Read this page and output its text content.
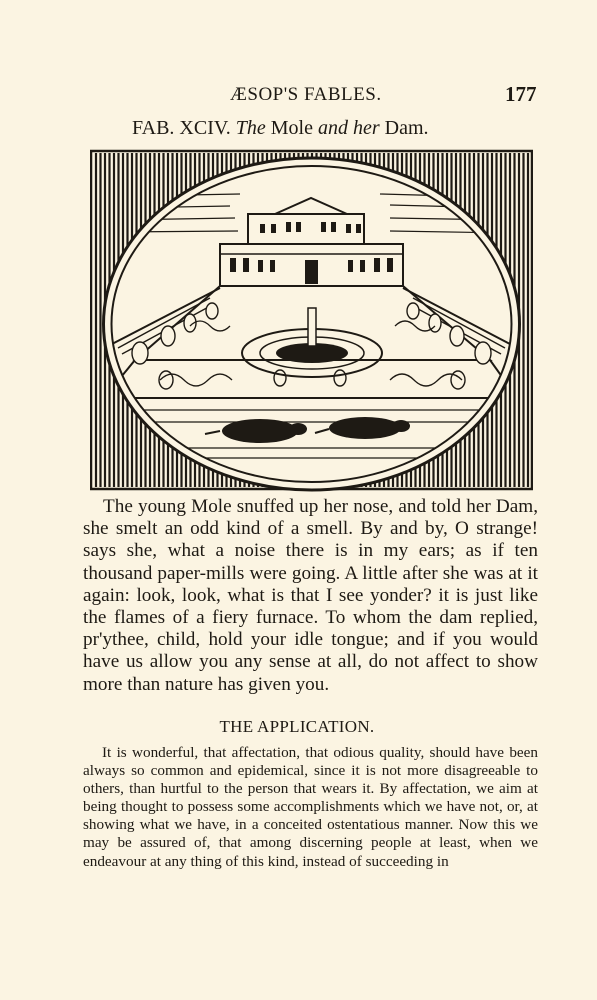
ÆSOP'S FABLES.	177
FAB. XCIV. The Mole and her Dam.

The young Mole snuffed up her nose, and told her Dam, she smelt an odd kind of a smell. By and by, O strange! says she, what a noise there is in my ears; as if ten thousand paper-mills were going. A little after she was at it again: look, look, what is that I see yonder? it is just like the flames of a fiery furnace. To whom the dam replied, pr'ythee, child, hold your idle tongue; and if you would have us allow you any sense at all, do not affect to show more than nature has given you.

THE APPLICATION.

It is wonderful, that affectation, that odious quality, should have been always so common and epidemical, since it is not more disagreeable to others, than hurtful to the person that wears it. By affectation, we aim at being thought to possess some accomplishments which we have not, or, at showing what we have, in a conceited ostentatious manner. Now this we may be assured of, that among discerning people at least, when we endeavour at any thing of this kind, instead of succeeding in
